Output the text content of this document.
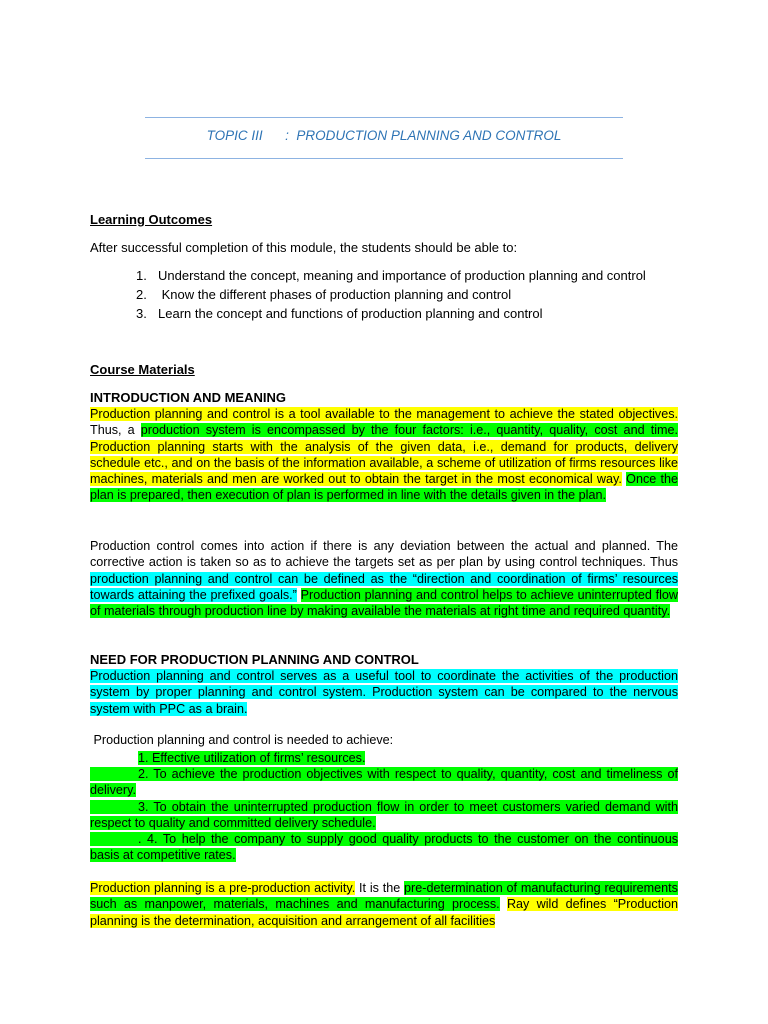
TOPIC III : PRODUCTION PLANNING AND CONTROL
Learning Outcomes
After successful completion of this module, the students should be able to:
1. Understand the concept, meaning and importance of production planning and control
2. Know the different phases of production planning and control
3. Learn the concept and functions of production planning and control
Course Materials
INTRODUCTION AND MEANING
Production planning and control is a tool available to the management to achieve the stated objectives. Thus, a production system is encompassed by the four factors: i.e., quantity, quality, cost and time. Production planning starts with the analysis of the given data, i.e., demand for products, delivery schedule etc., and on the basis of the information available, a scheme of utilization of firms resources like machines, materials and men are worked out to obtain the target in the most economical way. Once the plan is prepared, then execution of plan is performed in line with the details given in the plan.
Production control comes into action if there is any deviation between the actual and planned. The corrective action is taken so as to achieve the targets set as per plan by using control techniques. Thus production planning and control can be defined as the “direction and coordination of firms’ resources towards attaining the prefixed goals.” Production planning and control helps to achieve uninterrupted flow of materials through production line by making available the materials at right time and required quantity.
NEED FOR PRODUCTION PLANNING AND CONTROL
Production planning and control serves as a useful tool to coordinate the activities of the production system by proper planning and control system. Production system can be compared to the nervous system with PPC as a brain.
Production planning and control is needed to achieve:
1. Effective utilization of firms’ resources.
2. To achieve the production objectives with respect to quality, quantity, cost and timeliness of delivery.
3. To obtain the uninterrupted production flow in order to meet customers varied demand with respect to quality and committed delivery schedule.
. 4. To help the company to supply good quality products to the customer on the continuous basis at competitive rates.
Production planning is a pre-production activity. It is the pre-determination of manufacturing requirements such as manpower, materials, machines and manufacturing process. Ray wild defines “Production planning is the determination, acquisition and arrangement of all facilities
